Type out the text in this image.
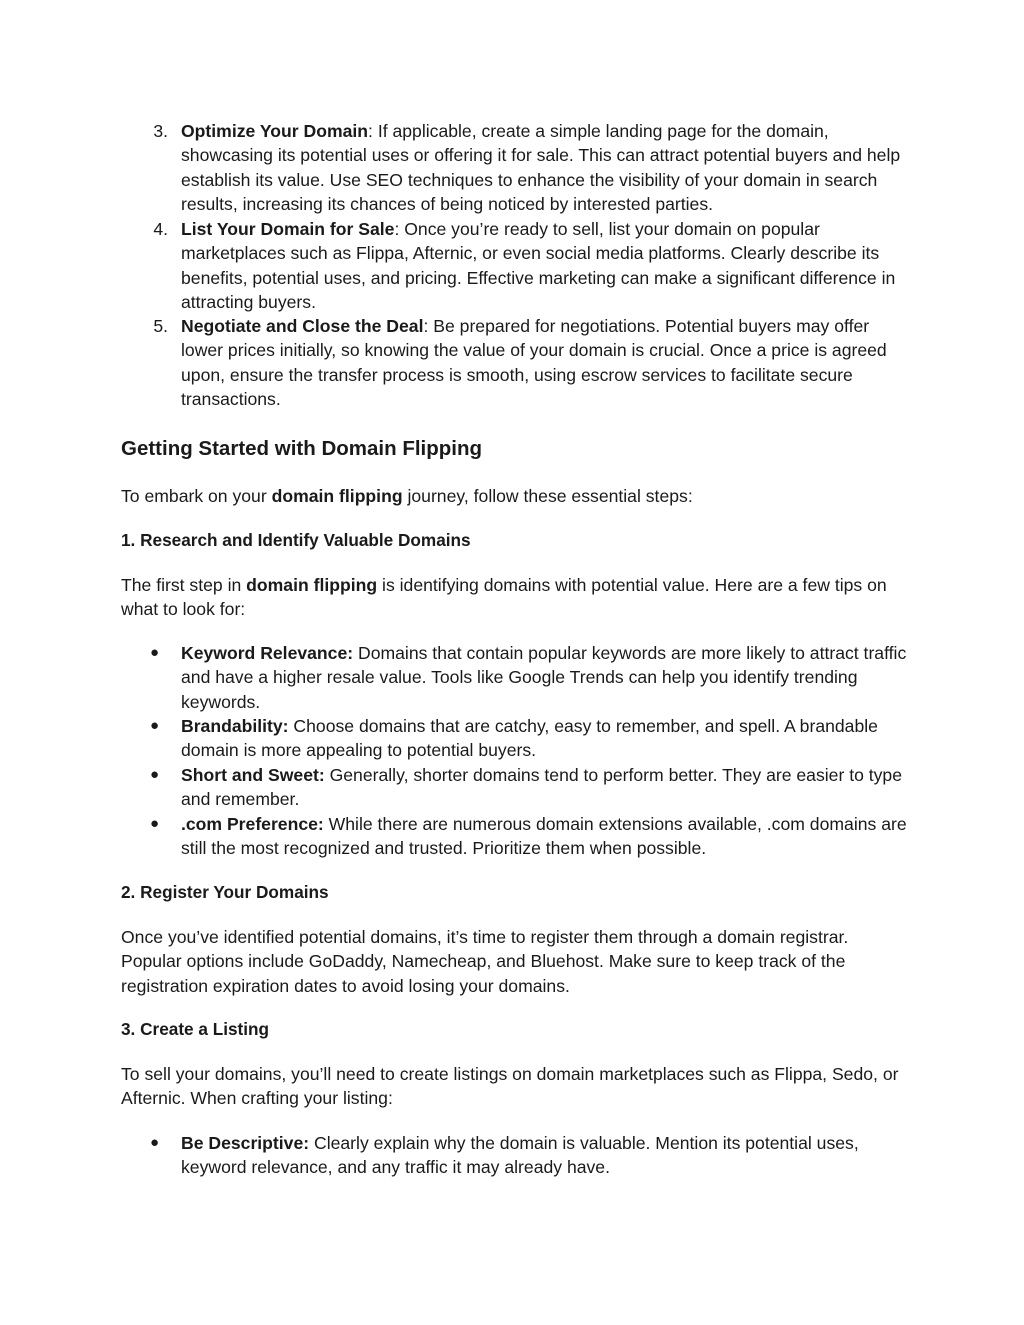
3. Optimize Your Domain: If applicable, create a simple landing page for the domain, showcasing its potential uses or offering it for sale. This can attract potential buyers and help establish its value. Use SEO techniques to enhance the visibility of your domain in search results, increasing its chances of being noticed by interested parties.
4. List Your Domain for Sale: Once you’re ready to sell, list your domain on popular marketplaces such as Flippa, Afternic, or even social media platforms. Clearly describe its benefits, potential uses, and pricing. Effective marketing can make a significant difference in attracting buyers.
5. Negotiate and Close the Deal: Be prepared for negotiations. Potential buyers may offer lower prices initially, so knowing the value of your domain is crucial. Once a price is agreed upon, ensure the transfer process is smooth, using escrow services to facilitate secure transactions.
Getting Started with Domain Flipping
To embark on your domain flipping journey, follow these essential steps:
1. Research and Identify Valuable Domains
The first step in domain flipping is identifying domains with potential value. Here are a few tips on what to look for:
● Keyword Relevance: Domains that contain popular keywords are more likely to attract traffic and have a higher resale value. Tools like Google Trends can help you identify trending keywords.
● Brandability: Choose domains that are catchy, easy to remember, and spell. A brandable domain is more appealing to potential buyers.
● Short and Sweet: Generally, shorter domains tend to perform better. They are easier to type and remember.
● .com Preference: While there are numerous domain extensions available, .com domains are still the most recognized and trusted. Prioritize them when possible.
2. Register Your Domains
Once you’ve identified potential domains, it’s time to register them through a domain registrar. Popular options include GoDaddy, Namecheap, and Bluehost. Make sure to keep track of the registration expiration dates to avoid losing your domains.
3. Create a Listing
To sell your domains, you’ll need to create listings on domain marketplaces such as Flippa, Sedo, or Afternic. When crafting your listing:
● Be Descriptive: Clearly explain why the domain is valuable. Mention its potential uses, keyword relevance, and any traffic it may already have.
